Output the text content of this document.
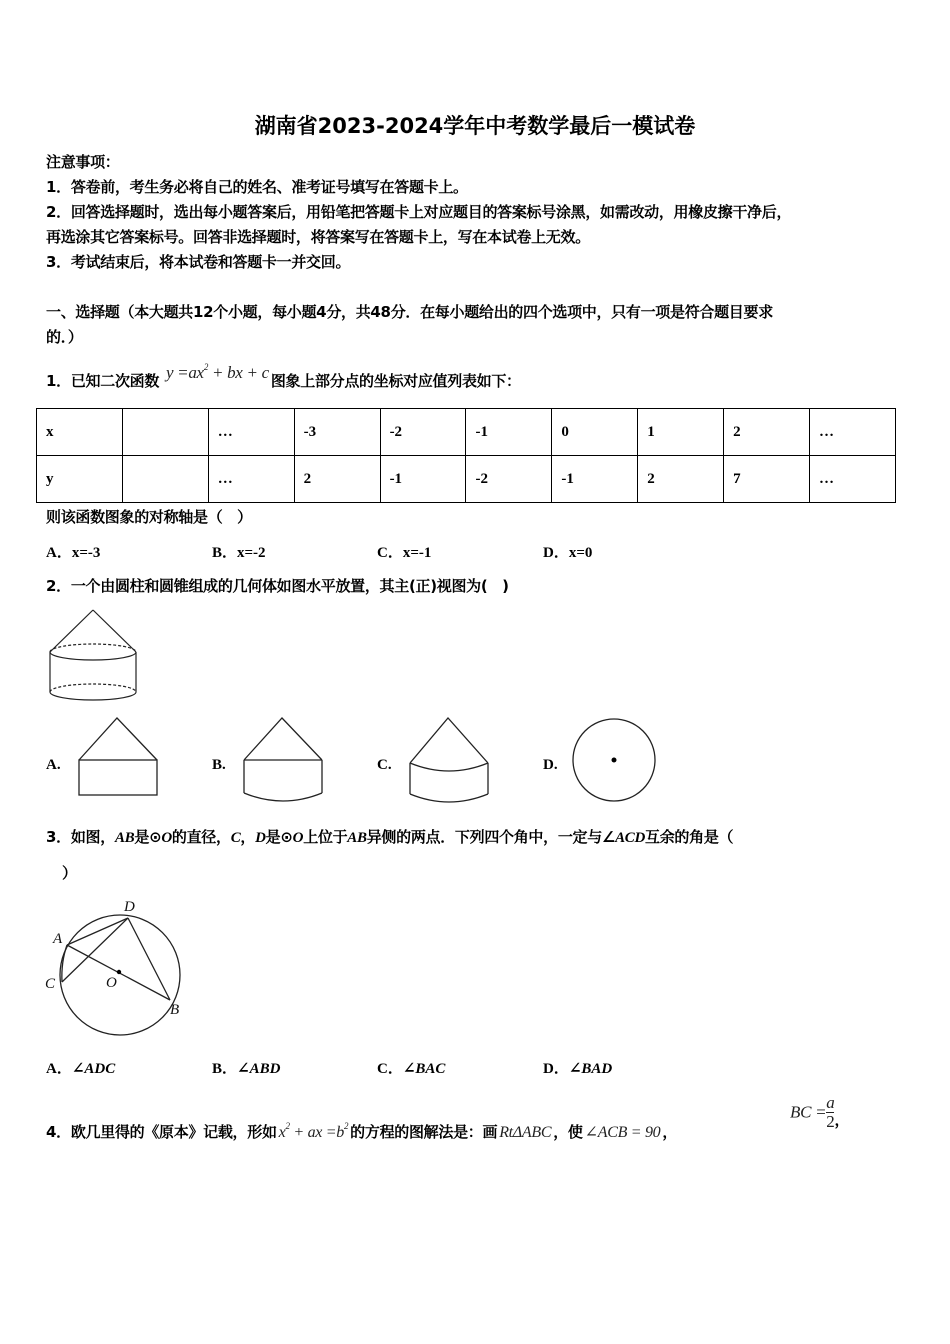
湖南省2023-2024学年中考数学最后一模试卷
注意事项：
1．答卷前，考生务必将自己的姓名、准考证号填写在答题卡上。
2．回答选择题时，选出每小题答案后，用铅笔把答题卡上对应题目的答案标号涂黑，如需改动，用橡皮擦干净后，
再选涂其它答案标号。回答非选择题时，将答案写在答题卡上，写在本试卷上无效。
3．考试结束后，将本试卷和答题卡一并交回。
一、选择题（本大题共12个小题，每小题4分，共48分．在每小题给出的四个选项中，只有一项是符合题目要求
的．）
1．已知二次函数 $y =ax^2$ + bx + c 图象上部分点的坐标对应值列表如下：
x		…	-3	-2	-1	0	1	2	…
y		…	2	-1	-2	-1	2	7	…
则该函数图象的对称轴是（　）
A．x=-3	B．x=-2	C．x=-1	D．x=0
2．一个由圆柱和圆锥组成的几何体如图水平放置，其主(正)视图为(　)
A.	B.	C.	D.
3．如图，AB是⊙O的直径，C，D是⊙O上位于AB异侧的两点．下列四个角中，一定与∠ACD互余的角是（
）
D
A
C	O
B
A．∠ADC	B．∠ABD	C．∠BAC	D．∠BAD
4．欧几里得的《原本》记载，形如 $x^2$ + ax $=b^2$ 的方程的图解法是：画 RtΔABC ，使 ∠ACB = 90 ，
BC = $\frac{a}{2}$ ，
